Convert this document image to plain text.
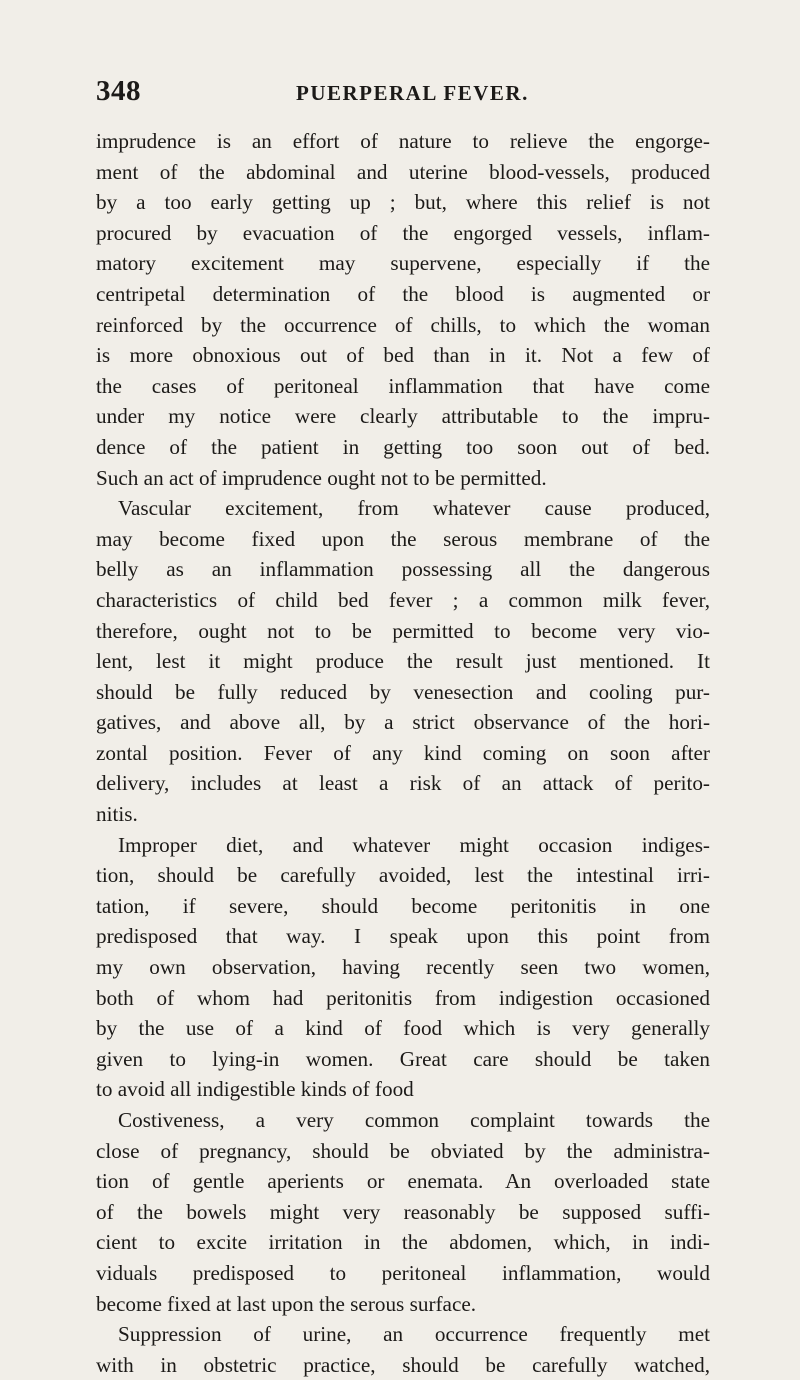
348	PUERPERAL FEVER.
imprudence is an effort of nature to relieve the engorge-
ment of the abdominal and uterine blood-vessels, produced
by a too early getting up ; but, where this relief is not
procured by evacuation of the engorged vessels, inflam-
matory excitement may supervene, especially if the
centripetal determination of the blood is augmented or
reinforced by the occurrence of chills, to which the woman
is more obnoxious out of bed than in it. Not a few of
the cases of peritoneal inflammation that have come
under my notice were clearly attributable to the impru-
dence of the patient in getting too soon out of bed.
Such an act of imprudence ought not to be permitted.
Vascular excitement, from whatever cause produced,
may become fixed upon the serous membrane of the
belly as an inflammation possessing all the dangerous
characteristics of child bed fever ; a common milk fever,
therefore, ought not to be permitted to become very vio-
lent, lest it might produce the result just mentioned. It
should be fully reduced by venesection and cooling pur-
gatives, and above all, by a strict observance of the hori-
zontal position. Fever of any kind coming on soon after
delivery, includes at least a risk of an attack of perito-
nitis.
Improper diet, and whatever might occasion indiges-
tion, should be carefully avoided, lest the intestinal irri-
tation, if severe, should become peritonitis in one
predisposed that way. I speak upon this point from
my own observation, having recently seen two women,
both of whom had peritonitis from indigestion occasioned
by the use of a kind of food which is very generally
given to lying-in women. Great care should be taken
to avoid all indigestible kinds of food
Costiveness, a very common complaint towards the
close of pregnancy, should be obviated by the administra-
tion of gentle aperients or enemata. An overloaded state
of the bowels might very reasonably be supposed suffi-
cient to excite irritation in the abdomen, which, in indi-
viduals predisposed to peritoneal inflammation, would
become fixed at last upon the serous surface.
Suppression of urine, an occurrence frequently met
with in obstetric practice, should be carefully watched,
